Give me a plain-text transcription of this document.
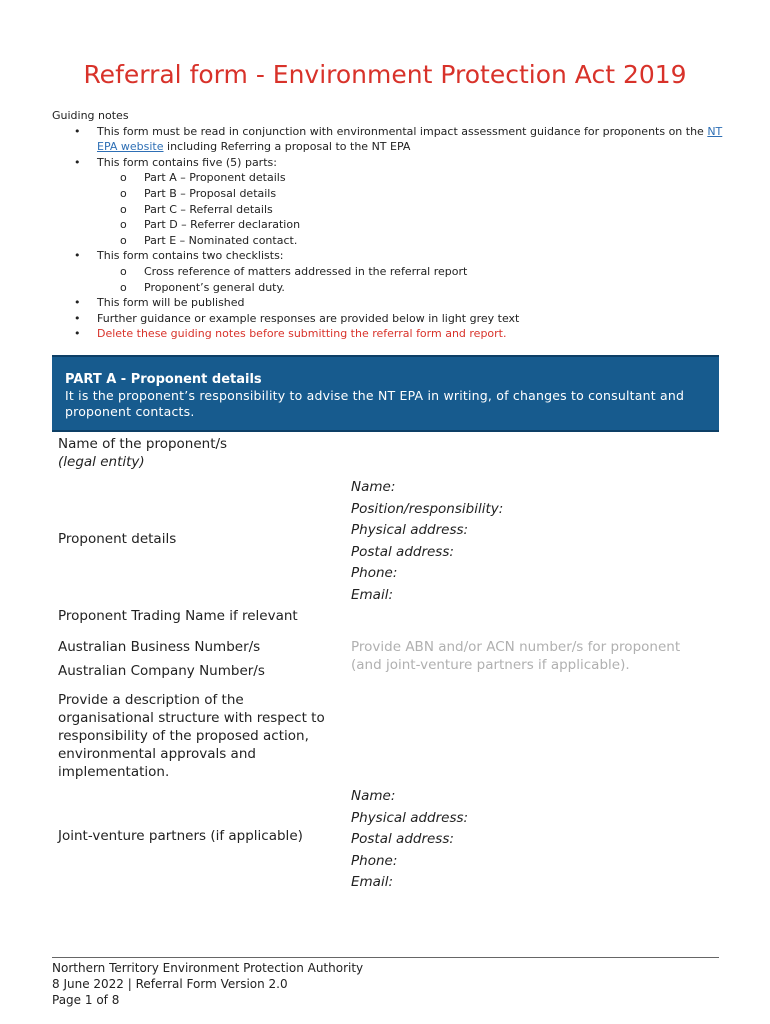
Referral form - Environment Protection Act 2019
Guiding notes
• This form must be read in conjunction with environmental impact assessment guidance for proponents on the NT EPA website including Referring a proposal to the NT EPA
• This form contains five (5) parts:
o Part A – Proponent details
o Part B – Proposal details
o Part C – Referral details
o Part D – Referrer declaration
o Part E – Nominated contact.
• This form contains two checklists:
o Cross reference of matters addressed in the referral report
o Proponent’s general duty.
• This form will be published
• Further guidance or example responses are provided below in light grey text
• Delete these guiding notes before submitting the referral form and report.
PART A - Proponent details
It is the proponent’s responsibility to advise the NT EPA in writing, of changes to consultant and proponent contacts.
Name of the proponent/s
(legal entity)
Proponent details
Name:
Position/responsibility:
Physical address:
Postal address:
Phone:
Email:
Proponent Trading Name if relevant
Australian Business Number/s
Australian Company Number/s
Provide ABN and/or ACN number/s for proponent (and joint-venture partners if applicable).
Provide a description of the organisational structure with respect to responsibility of the proposed action, environmental approvals and implementation.
Joint-venture partners (if applicable)
Name:
Physical address:
Postal address:
Phone:
Email:
Northern Territory Environment Protection Authority
8 June 2022 | Referral Form Version 2.0
Page 1 of 8
